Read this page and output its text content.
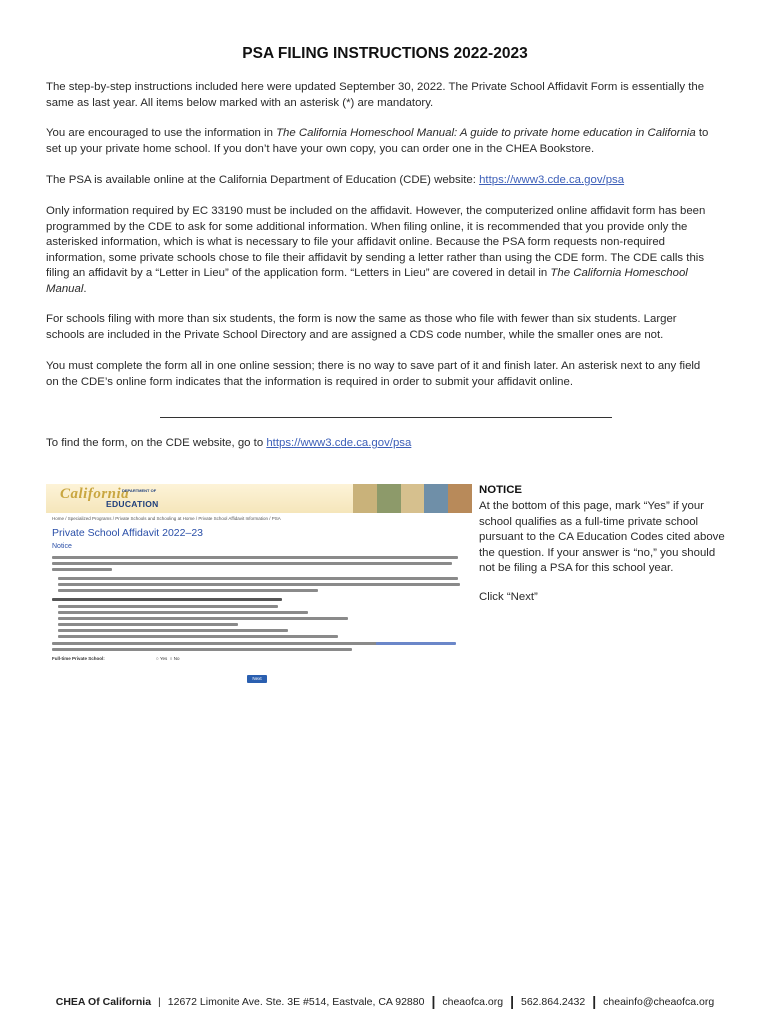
PSA FILING INSTRUCTIONS 2022-2023

The step-by-step instructions included here were updated September 30, 2022. The Private School Affidavit Form is essentially the same as last year. All items below marked with an asterisk (*) are mandatory.

You are encouraged to use the information in The California Homeschool Manual: A guide to private home education in California to set up your private home school. If you don’t have your own copy, you can order one in the CHEA Bookstore.

The PSA is available online at the California Department of Education (CDE) website: https://www3.cde.ca.gov/psa

Only information required by EC 33190 must be included on the affidavit. However, the computerized online affidavit form has been programmed by the CDE to ask for some additional information. When filing online, it is recommended that you provide only the asterisked information, which is what is necessary to file your affidavit online. Because the PSA form requests non-required information, some private schools chose to file their affidavit by sending a letter rather than using the CDE form. The CDE calls this filing an affidavit by a “Letter in Lieu” of the application form. “Letters in Lieu” are covered in detail in The California Homeschool Manual.

For schools filing with more than six students, the form is now the same as those who file with fewer than six students. Larger schools are included in the Private School Directory and are assigned a CDS code number, while the smaller ones are not.

You must complete the form all in one online session; there is no way to save part of it and finish later. An asterisk next to any field on the CDE’s online form indicates that the information is required in order to submit your affidavit online.

To find the form, on the CDE website, go to https://www3.cde.ca.gov/psa

California
DEPARTMENT OF
EDUCATION
Home / Specialized Programs / Private Schools and Schooling at Home / Private School Affidavit Information / PSA
Private School Affidavit 2022–23
Notice
Full-time Private School:	○ Yes  ○ No
Next

NOTICE

At the bottom of this page, mark “Yes” if your school qualifies as a full-time private school pursuant to the CA Education Codes cited above the question. If your answer is “no,” you should not be filing a PSA for this school year.

Click “Next”

CHEA Of California | 12672 Limonite Ave. Ste. 3E #514, Eastvale, CA 92880 | cheaofca.org | 562.864.2432 | cheainfo@cheaofca.org
